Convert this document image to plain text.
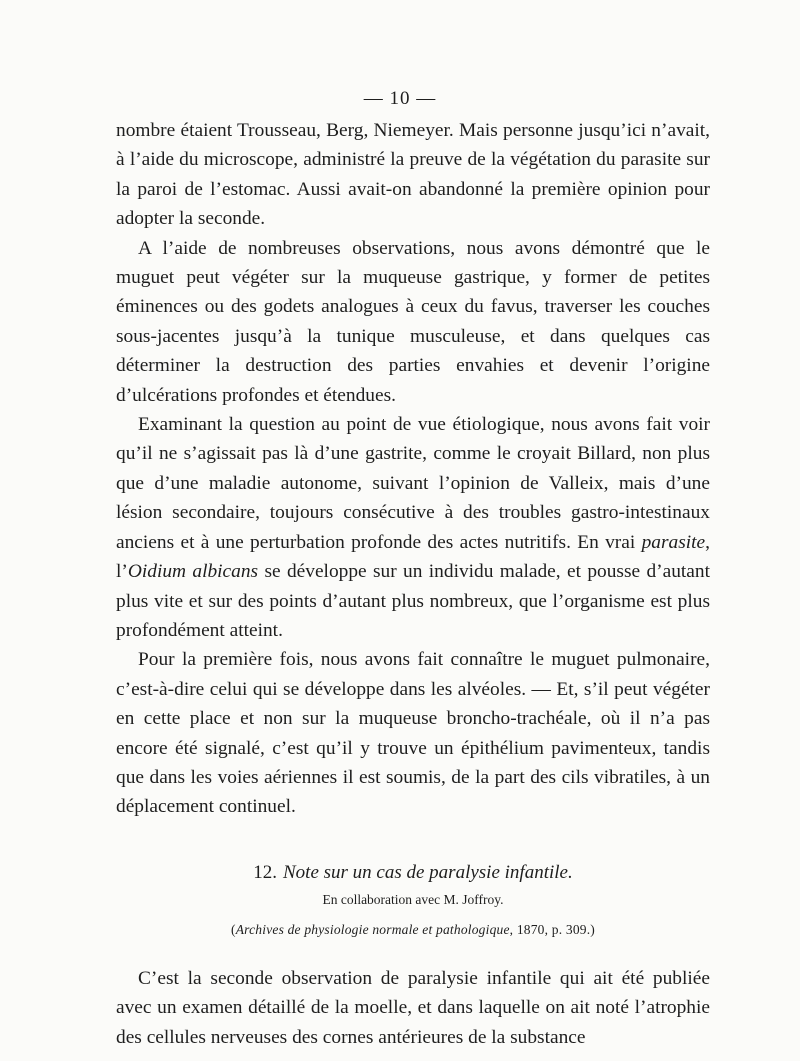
— 10 —

nombre étaient Trousseau, Berg, Niemeyer. Mais personne jusqu’ici n’avait, à l’aide du microscope, administré la preuve de la végétation du parasite sur la paroi de l’estomac. Aussi avait-on abandonné la première opinion pour adopter la seconde.

A l’aide de nombreuses observations, nous avons démontré que le muguet peut végéter sur la muqueuse gastrique, y former de petites éminences ou des godets analogues à ceux du favus, traverser les couches sous-jacentes jusqu’à la tunique musculeuse, et dans quelques cas déterminer la destruction des parties envahies et devenir l’origine d’ulcérations profondes et étendues.

Examinant la question au point de vue étiologique, nous avons fait voir qu’il ne s’agissait pas là d’une gastrite, comme le croyait Billard, non plus que d’une maladie autonome, suivant l’opinion de Valleix, mais d’une lésion secondaire, toujours consécutive à des troubles gastro-intestinaux anciens et à une perturbation profonde des actes nutritifs. En vrai parasite, l’Oidium albicans se développe sur un individu malade, et pousse d’autant plus vite et sur des points d’autant plus nombreux, que l’organisme est plus profondément atteint.

Pour la première fois, nous avons fait connaître le muguet pulmonaire, c’est-à-dire celui qui se développe dans les alvéoles. — Et, s’il peut végéter en cette place et non sur la muqueuse broncho-trachéale, où il n’a pas encore été signalé, c’est qu’il y trouve un épithélium pavimenteux, tandis que dans les voies aériennes il est soumis, de la part des cils vibratiles, à un déplacement continuel.

12. Note sur un cas de paralysie infantile.

En collaboration avec M. Joffroy.

(Archives de physiologie normale et pathologique, 1870, p. 309.)

C’est la seconde observation de paralysie infantile qui ait été publiée avec un examen détaillé de la moelle, et dans laquelle on ait noté l’atrophie des cellules nerveuses des cornes antérieures de la substance
